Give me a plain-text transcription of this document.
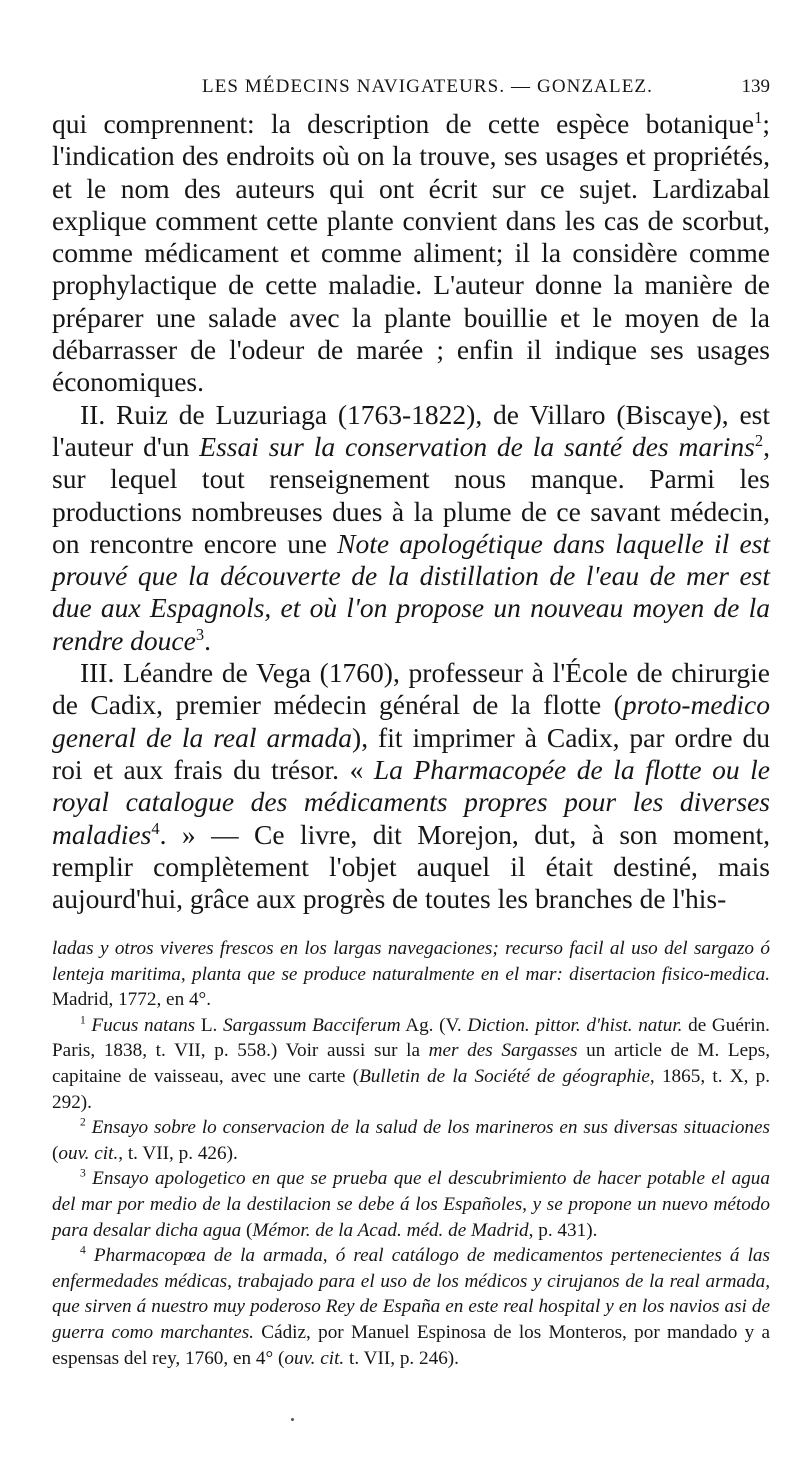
LES MÉDECINS NAVIGATEURS. — GONZALEZ.	139

qui comprennent: la description de cette espèce botanique$^1$; l'indication des endroits où on la trouve, ses usages et propriétés, et le nom des auteurs qui ont écrit sur ce sujet. Lardizabal explique comment cette plante convient dans les cas de scorbut, comme médicament et comme aliment; il la considère comme prophylactique de cette maladie. L'auteur donne la manière de préparer une salade avec la plante bouillie et le moyen de la débarrasser de l'odeur de marée ; enfin il indique ses usages économiques.

II. Ruiz de Luzuriaga (1763-1822), de Villaro (Biscaye), est l'auteur d'un Essai sur la conservation de la santé des marins$^2$, sur lequel tout renseignement nous manque. Parmi les productions nombreuses dues à la plume de ce savant médecin, on rencontre encore une Note apologétique dans laquelle il est prouvé que la découverte de la distillation de l'eau de mer est due aux Espagnols, et où l'on propose un nouveau moyen de la rendre douce$^3$.

III. Léandre de Vega (1760), professeur à l'École de chirurgie de Cadix, premier médecin général de la flotte (proto-medico general de la real armada), fit imprimer à Cadix, par ordre du roi et aux frais du trésor. « La Pharmacopée de la flotte ou le royal catalogue des médicaments propres pour les diverses maladies$^4$. » — Ce livre, dit Morejon, dut, à son moment, remplir complètement l'objet auquel il était destiné, mais aujourd'hui, grâce aux progrès de toutes les branches de l'his-

ladas y otros viveres frescos en los largas navegaciones; recurso facil al uso del sargazo ó lenteja maritima, planta que se produce naturalmente en el mar: disertacion fisico-medica. Madrid, 1772, en 4°.

$^1$ Fucus natans L. Sargassum Bacciferum Ag. (V. Diction. pittor. d'hist. natur. de Guérin. Paris, 1838, t. VII, p. 558.) Voir aussi sur la mer des Sargasses un article de M. Leps, capitaine de vaisseau, avec une carte (Bulletin de la Société de géographie, 1865, t. X, p. 292).

$^2$ Ensayo sobre lo conservacion de la salud de los marineros en sus diversas situaciones (ouv. cit., t. VII, p. 426).

$^3$ Ensayo apologetico en que se prueba que el descubrimiento de hacer potable el agua del mar por medio de la destilacion se debe á los Españoles, y se propone un nuevo método para desalar dicha agua (Mémor. de la Acad. méd. de Madrid, p. 431).

$^4$ Pharmacopœa de la armada, ó real catálogo de medicamentos pertenecientes á las enfermedades médicas, trabajado para el uso de los médicos y cirujanos de la real armada, que sirven á nuestro muy poderoso Rey de España en este real hospital y en los navios asi de guerra como marchantes. Cádiz, por Manuel Espinosa de los Monteros, por mandado y a espensas del rey, 1760, en 4° (ouv. cit. t. VII, p. 246).
